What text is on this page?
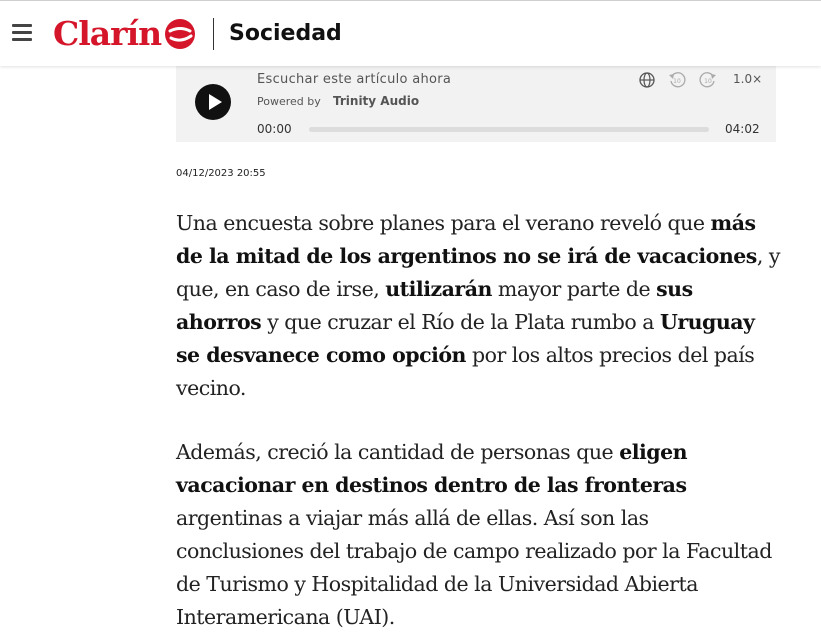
Clarín	Sociedad
Escuchar este artículo ahora
Powered by Trinity Audio
10	10 1.0×
00:00	04:02
04/12/2023 20:55

Una encuesta sobre planes para el verano reveló que más de la mitad de los argentinos no se irá de vacaciones, y que, en caso de irse, utilizarán mayor parte de sus ahorros y que cruzar el Río de la Plata rumbo a Uruguay se desvanece como opción por los altos precios del país vecino.

Además, creció la cantidad de personas que eligen vacacionar en destinos dentro de las fronteras argentinas a viajar más allá de ellas. Así son las conclusiones del trabajo de campo realizado por la Facultad de Turismo y Hospitalidad de la Universidad Abierta Interamericana (UAI).
